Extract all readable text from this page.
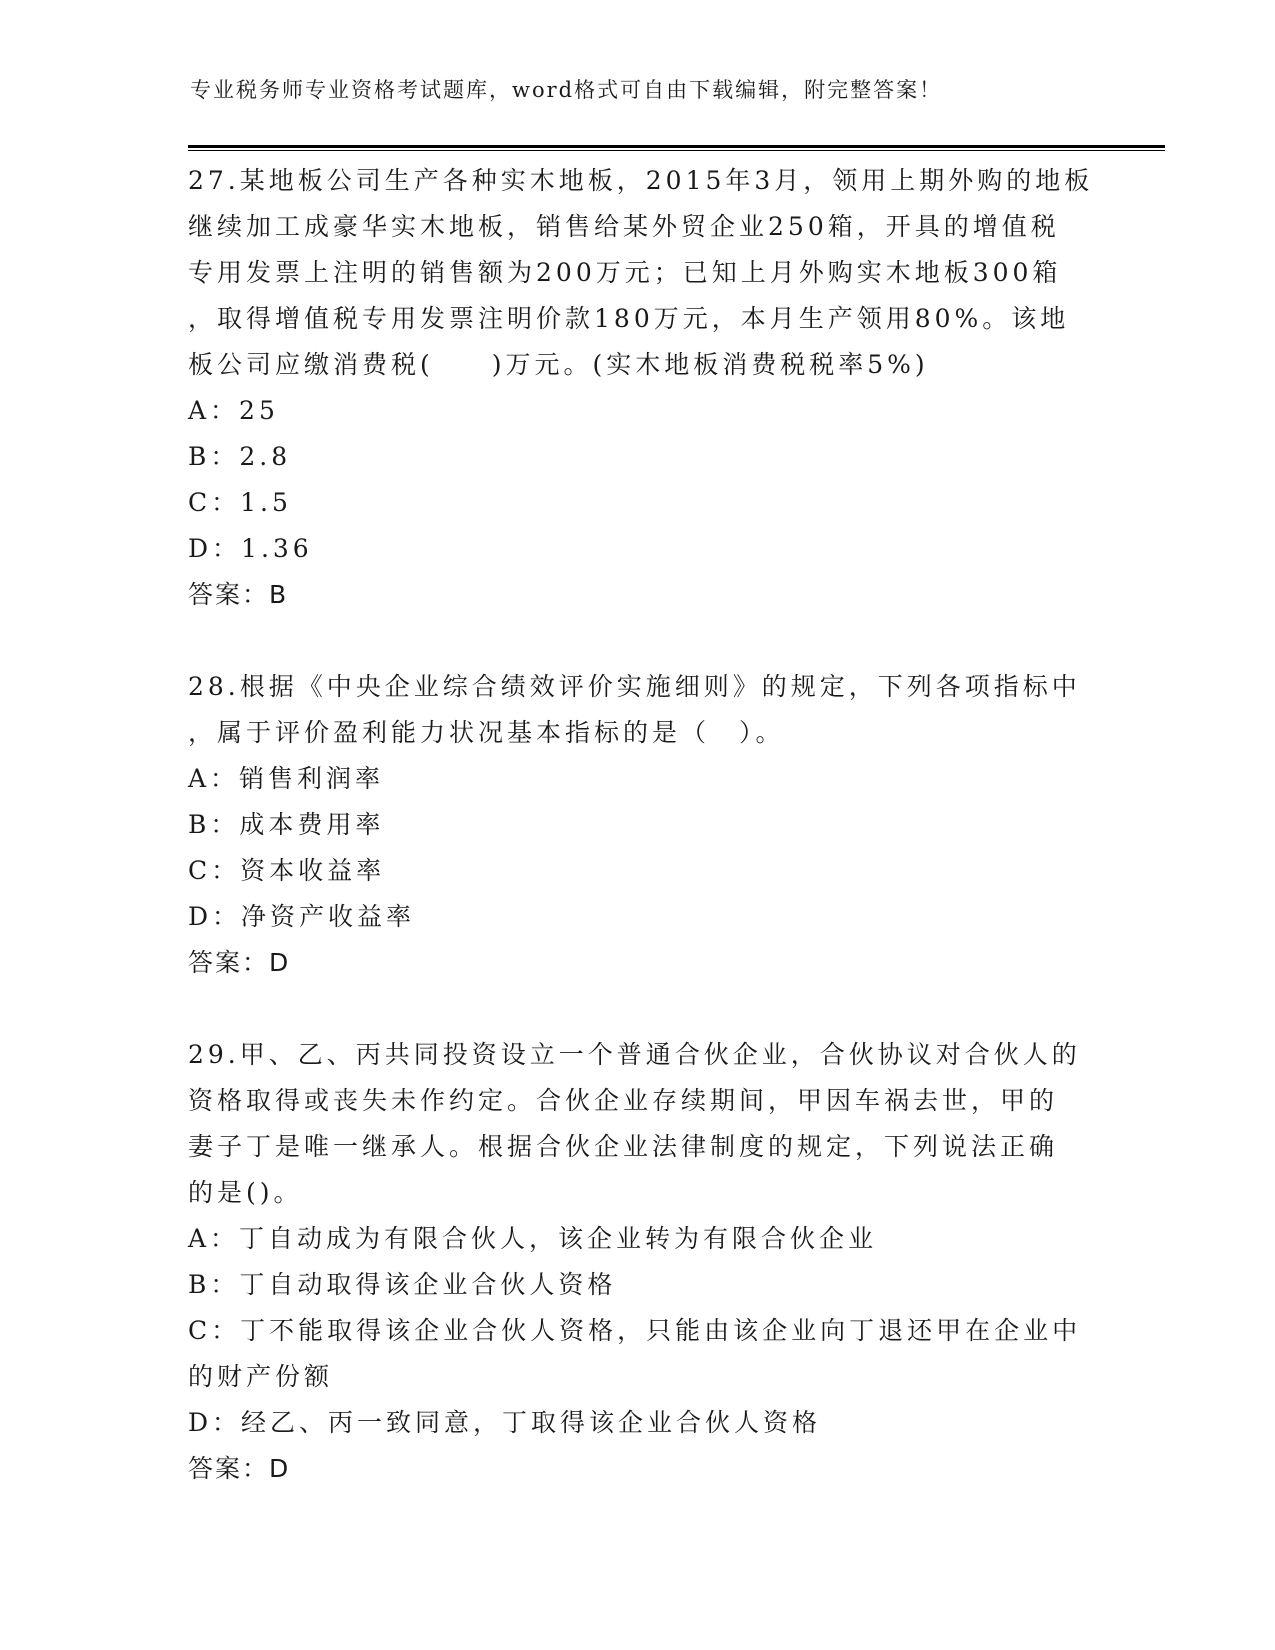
专业税务师专业资格考试题库，word格式可自由下载编辑，附完整答案！
27.某地板公司生产各种实木地板，2015年3月，领用上期外购的地板
继续加工成豪华实木地板，销售给某外贸企业250箱，开具的增值税
专用发票上注明的销售额为200万元；已知上月外购实木地板300箱
，取得增值税专用发票注明价款180万元，本月生产领用80%。该地
板公司应缴消费税(　　)万元。(实木地板消费税税率5%)
A：25
B：2.8
C：1.5
D：1.36
答案：B
28.根据《中央企业综合绩效评价实施细则》的规定，下列各项指标中
，属于评价盈利能力状况基本指标的是（　）。
A：销售利润率
B：成本费用率
C：资本收益率
D：净资产收益率
答案：D
29.甲、乙、丙共同投资设立一个普通合伙企业，合伙协议对合伙人的
资格取得或丧失未作约定。合伙企业存续期间，甲因车祸去世，甲的
妻子丁是唯一继承人。根据合伙企业法律制度的规定，下列说法正确
的是()。
A：丁自动成为有限合伙人，该企业转为有限合伙企业
B：丁自动取得该企业合伙人资格
C：丁不能取得该企业合伙人资格，只能由该企业向丁退还甲在企业中
的财产份额
D：经乙、丙一致同意，丁取得该企业合伙人资格
答案：D
